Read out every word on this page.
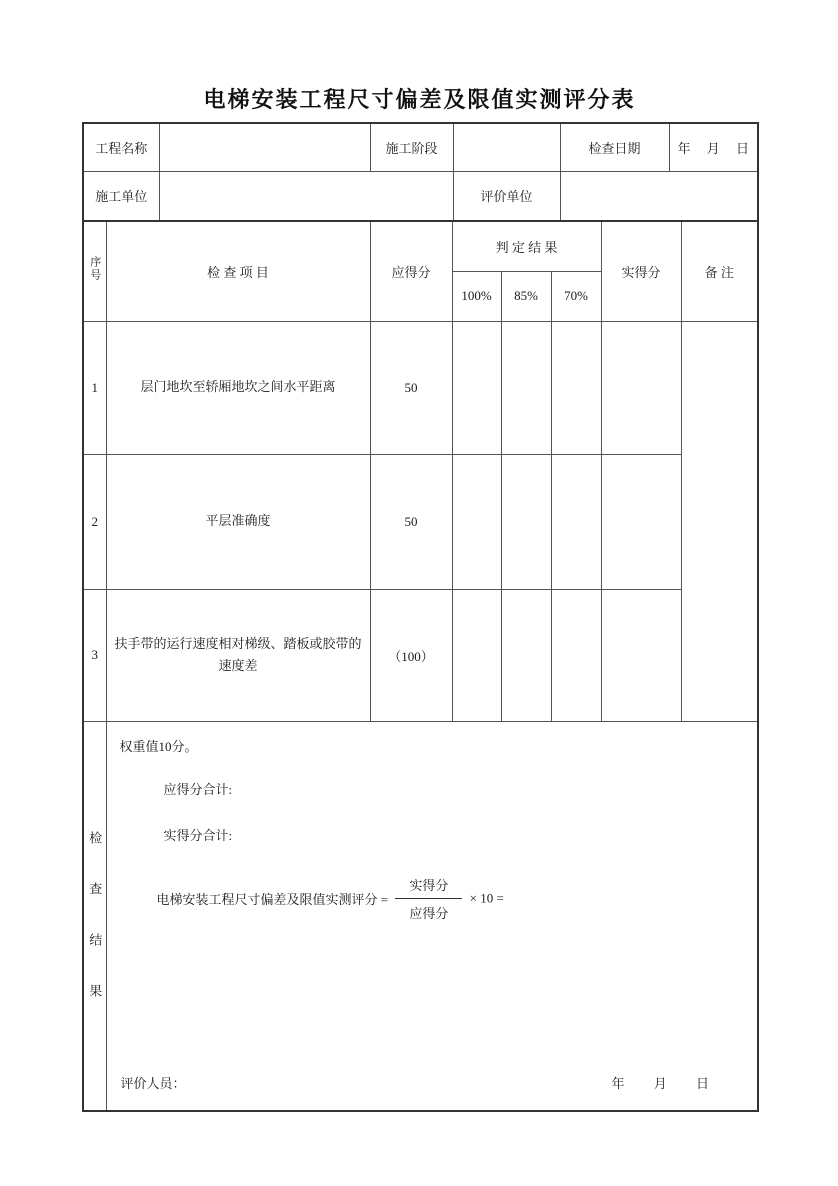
电梯安装工程尺寸偏差及限值实测评分表
工程名称		施工阶段		检查日期	年 月 日
施工单位			评价单位		
序号	检 查 项 目	应得分	判 定 结 果			实得分	备 注
			100%	85%	70%		
1	层门地坎至轿厢地坎之间水平距离	50					
2	平层准确度	50					
3	扶手带的运行速度相对梯级、踏板或胶带的速度差	（100）					
检查结果	
权重值10分。
应得分合计:
实得分合计:
电梯安装工程尺寸偏差及限值实测评分 = $\frac{\text{实得分}}{\text{应得分}} \times 10$ =
评价人员：	年 月 日
